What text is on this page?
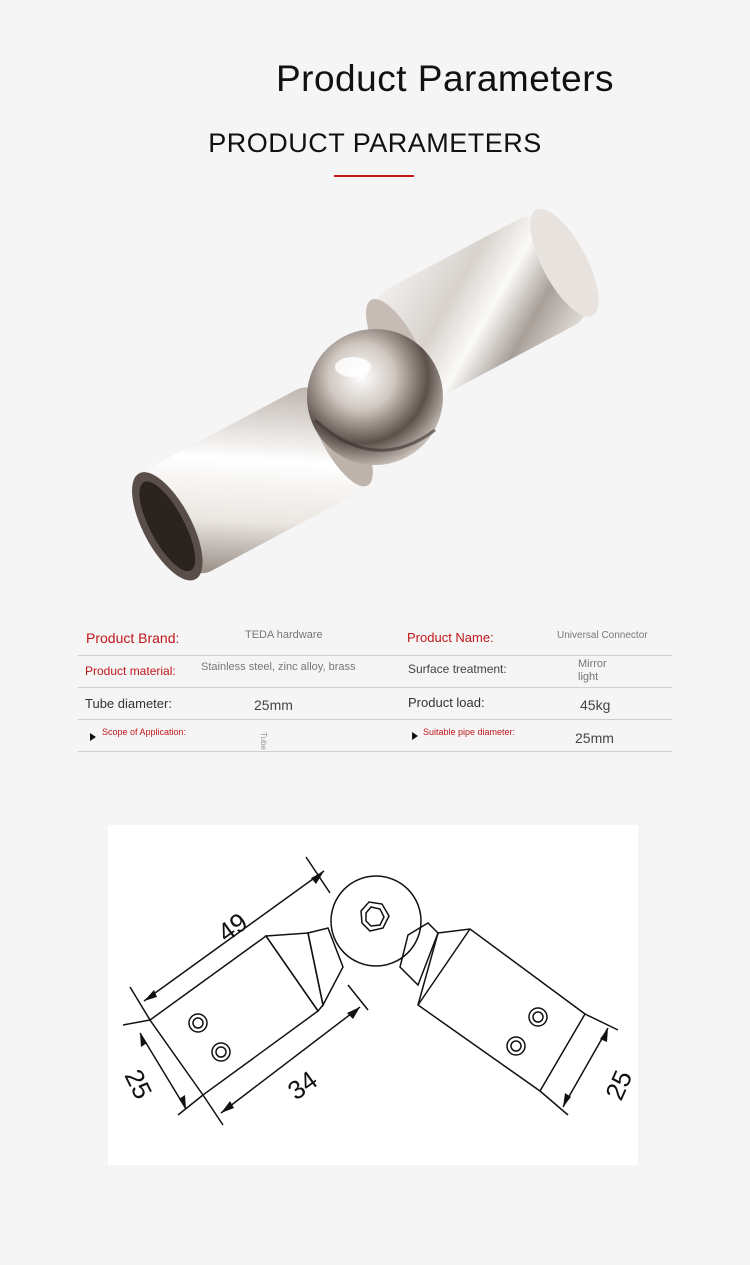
Product Parameters
PRODUCT PARAMETERS
Product Brand:	TEDA hardware	Product Name:	Universal Connector
Product material: Stainless steel, zinc alloy, brass	Surface treatment:	Mirror
light
Tube diameter:	25mm	Product load:	45kg
Scope of Application:	Tube	Suitable pipe diameter:	25mm
49
25	34	25
